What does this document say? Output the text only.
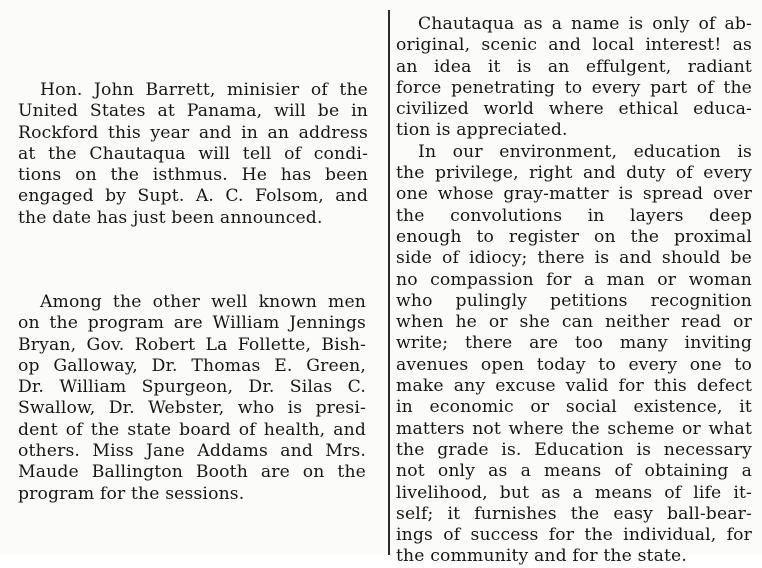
Hon. John Barrett, minisier of the
United States at Panama, will be in
Rockford this year and in an address
at the Chautaqua will tell of condi-
tions on the isthmus. He has been
engaged by Supt. A. C. Folsom, and
the date has just been announced.
Among the other well known men
on the program are William Jennings
Bryan, Gov. Robert La Follette, Bish-
op Galloway, Dr. Thomas E. Green,
Dr. William Spurgeon, Dr. Silas C.
Swallow, Dr. Webster, who is presi-
dent of the state board of health, and
others. Miss Jane Addams and Mrs.
Maude Ballington Booth are on the
program for the sessions.
Chautaqua as a name is only of ab-
original, scenic and local interest! as
an idea it is an effulgent, radiant
force penetrating to every part of the
civilized world where ethical educa-
tion is appreciated.
In our environment, education is
the privilege, right and duty of every
one whose gray-matter is spread over
the convolutions in layers deep
enough to register on the proximal
side of idiocy; there is and should be
no compassion for a man or woman
who pulingly petitions recognition
when he or she can neither read or
write; there are too many inviting
avenues open today to every one to
make any excuse valid for this defect
in economic or social existence, it
matters not where the scheme or what
the grade is. Education is necessary
not only as a means of obtaining a
livelihood, but as a means of life it-
self; it furnishes the easy ball-bear-
ings of success for the individual, for
the community and for the state.
